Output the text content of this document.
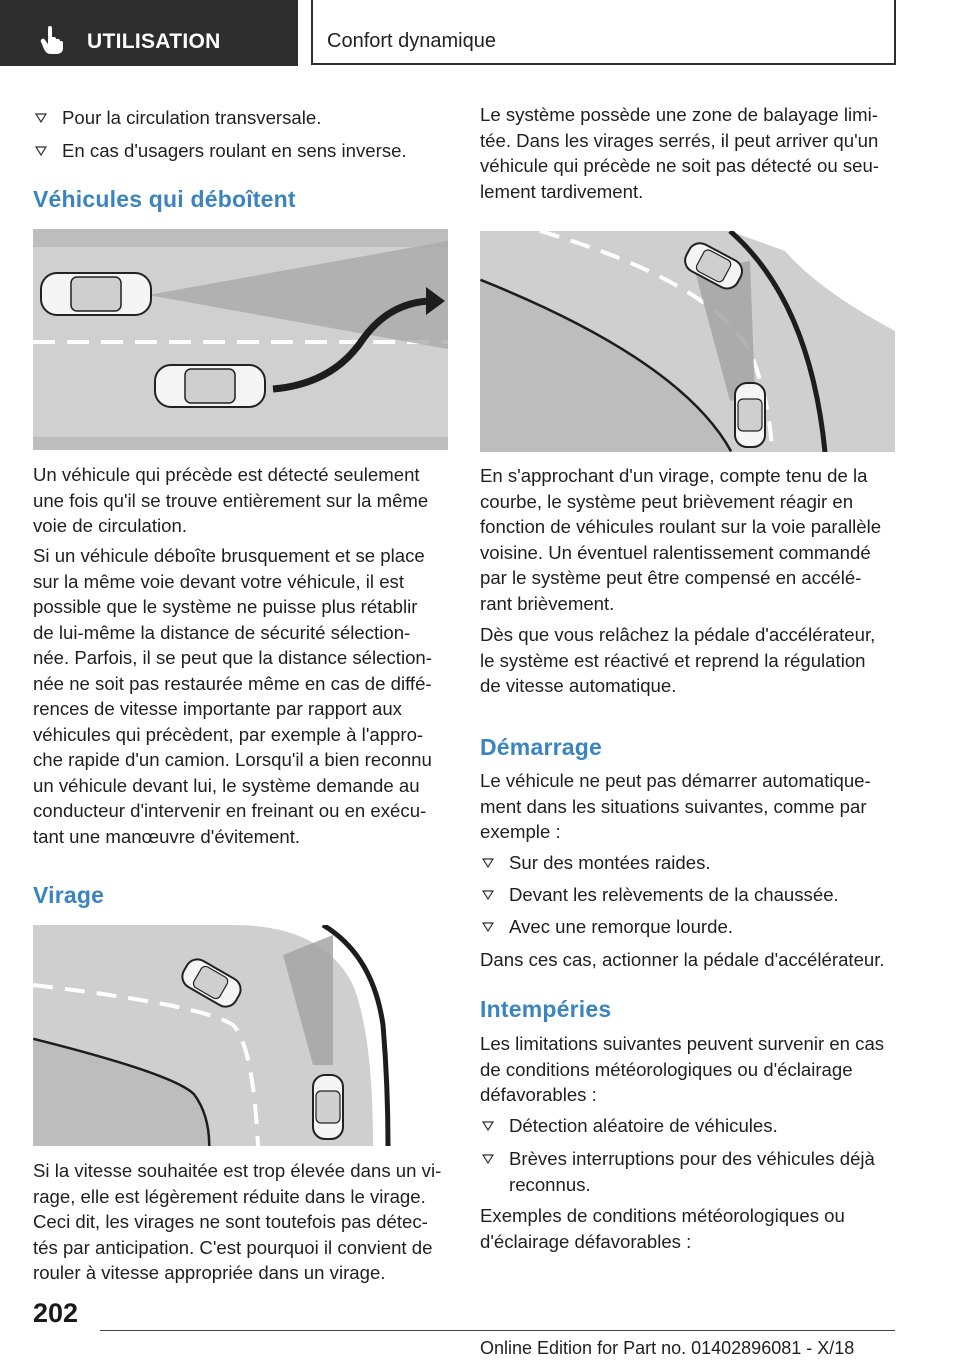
UTILISATION	Confort dynamique
Pour la circulation transversale.
En cas d'usagers roulant en sens inverse.
Véhicules qui déboîtent
Un véhicule qui précède est détecté seulement
une fois qu'il se trouve entièrement sur la même
voie de circulation.
Si un véhicule déboîte brusquement et se place
sur la même voie devant votre véhicule, il est
possible que le système ne puisse plus rétablir
de lui-même la distance de sécurité sélection-
née. Parfois, il se peut que la distance sélection-
née ne soit pas restaurée même en cas de diffé-
rences de vitesse importante par rapport aux
véhicules qui précèdent, par exemple à l'appro-
che rapide d'un camion. Lorsqu'il a bien reconnu
un véhicule devant lui, le système demande au
conducteur d'intervenir en freinant ou en exécu-
tant une manœuvre d'évitement.
Virage
Si la vitesse souhaitée est trop élevée dans un vi-
rage, elle est légèrement réduite dans le virage.
Ceci dit, les virages ne sont toutefois pas détec-
tés par anticipation. C'est pourquoi il convient de
rouler à vitesse appropriée dans un virage.
Le système possède une zone de balayage limi-
tée. Dans les virages serrés, il peut arriver qu'un
véhicule qui précède ne soit pas détecté ou seu-
lement tardivement.
En s'approchant d'un virage, compte tenu de la
courbe, le système peut brièvement réagir en
fonction de véhicules roulant sur la voie parallèle
voisine. Un éventuel ralentissement commandé
par le système peut être compensé en accélé-
rant brièvement.
Dès que vous relâchez la pédale d'accélérateur,
le système est réactivé et reprend la régulation
de vitesse automatique.
Démarrage
Le véhicule ne peut pas démarrer automatique-
ment dans les situations suivantes, comme par
exemple :
Sur des montées raides.
Devant les relèvements de la chaussée.
Avec une remorque lourde.
Dans ces cas, actionner la pédale d'accélérateur.
Intempéries
Les limitations suivantes peuvent survenir en cas
de conditions météorologiques ou d'éclairage
défavorables :
Détection aléatoire de véhicules.
Brèves interruptions pour des véhicules déjà
reconnus.
Exemples de conditions météorologiques ou
d'éclairage défavorables :
202
Online Edition for Part no. 01402896081 - X/18
